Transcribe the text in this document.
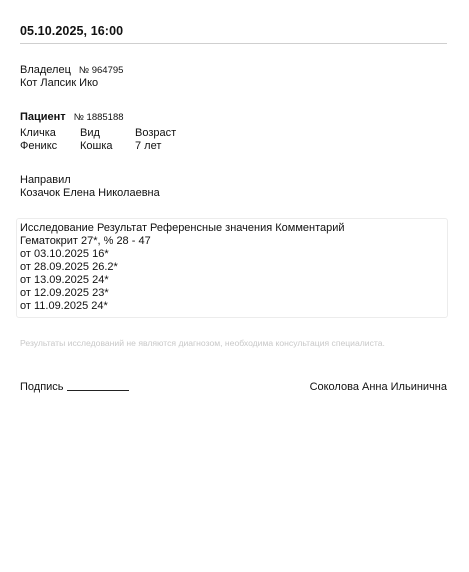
05.10.2025, 16:00
Владелец № 964795
Кот Лапсик Ико
Пациент № 1885188
Кличка
Феникс
Вид
Кошка
Возраст
7 лет
Направил
Козачок Елена Николаевна
Исследование Результат Референсные значения Комментарий
Гематокрит 27*, % 28 - 47
от 03.10.2025 16*
от 28.09.2025 26.2*
от 13.09.2025 24*
от 12.09.2025 23*
от 11.09.2025 24*
Результаты исследований не являются диагнозом, необходима консультация специалиста.
Подпись	Соколова Анна Ильинична
